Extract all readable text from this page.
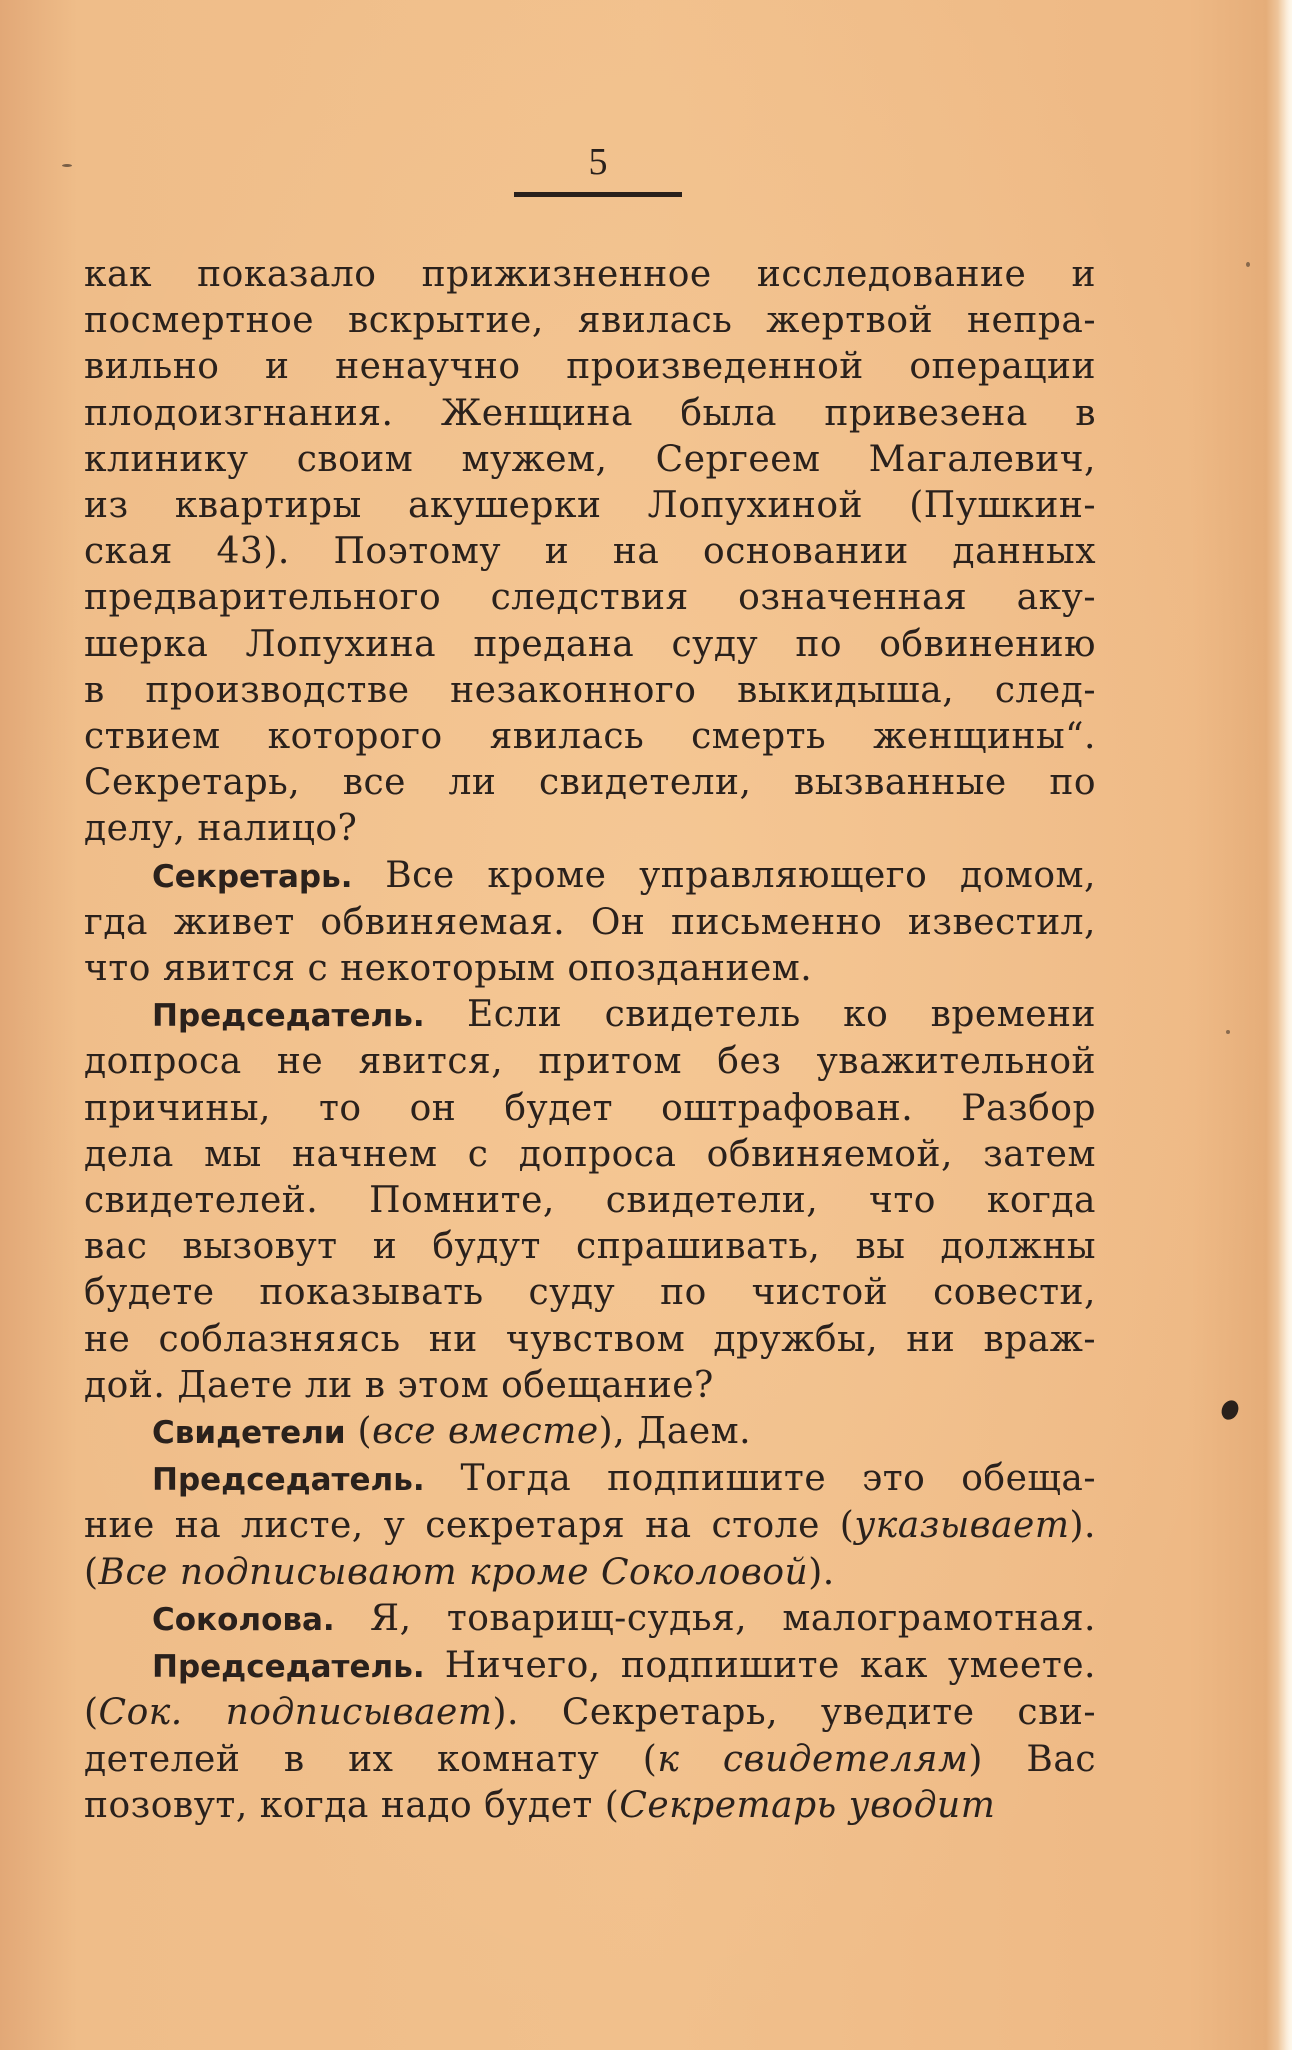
5
как показало прижизненное исследование и
посмертное вскрытие, явилась жертвой непра-
вильно и ненаучно произведенной операции
плодоизгнания. Женщина была привезена в
клинику своим мужем, Сергеем Магалевич,
из квартиры акушерки Лопухиной (Пушкин-
ская 43). Поэтому и на основании данных
предварительного следствия означенная аку-
шерка Лопухина предана суду по обвинению
в производстве незаконного выкидыша, след-
ствием которого явилась смерть женщины“.
Секретарь, все ли свидетели, вызванные по
делу, налицо?
Секретарь. Все кроме управляющего домом,
гда живет обвиняемая. Он письменно известил,
что явится с некоторым опозданием.
Председатель. Если свидетель ко времени
допроса не явится, притом без уважительной
причины, то он будет оштрафован. Разбор
дела мы начнем с допроса обвиняемой, затем
свидетелей. Помните, свидетели, что когда
вас вызовут и будут спрашивать, вы должны
будете показывать суду по чистой совести,
не соблазняясь ни чувством дружбы, ни враж-
дой. Даете ли в этом обещание?
Свидетели (все вместе), Даем.
Председатель. Тогда подпишите это обеща-
ние на листе, у секретаря на столе (указывает).
(Все подписывают кроме Соколовой).
Соколова. Я, товарищ-судья, малограмотная.
Председатель. Ничего, подпишите как умеете.
(Сок. подписывает). Секретарь, уведите сви-
детелей в их комнату (к свидетелям) Вас
позовут, когда надо будет (Секретарь уводит
